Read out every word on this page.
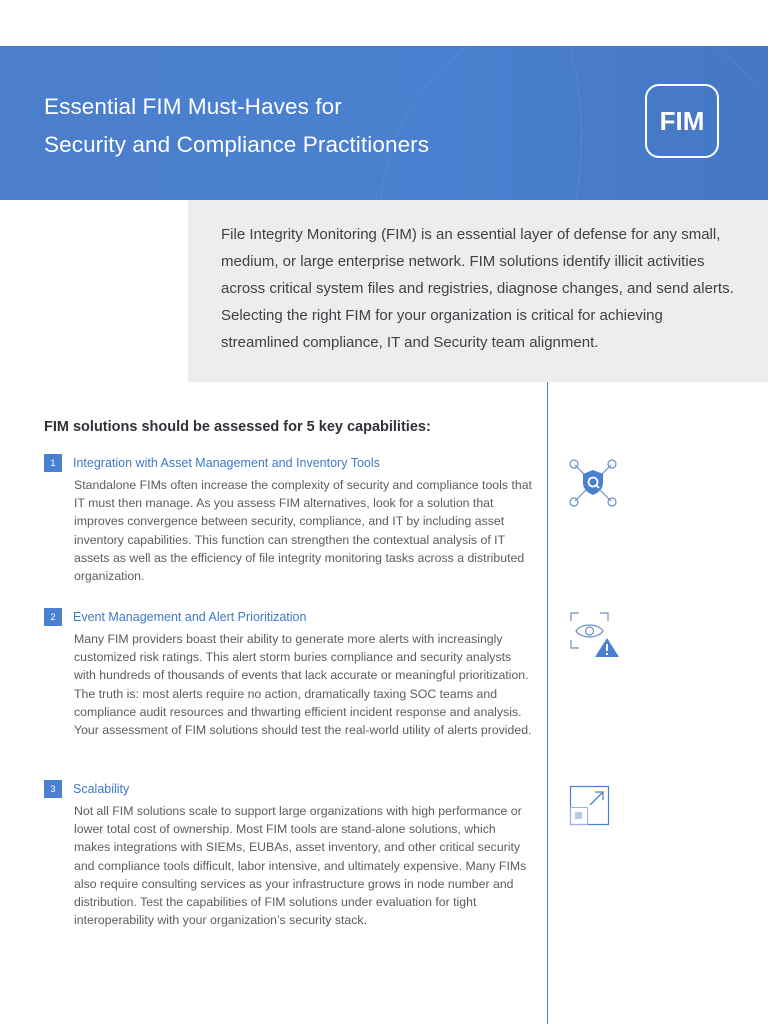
Essential FIM Must-Haves for
Security and Compliance Practitioners
FIM

File Integrity Monitoring (FIM) is an essential layer of defense for any small, medium, or large enterprise network. FIM solutions identify illicit activities across critical system files and registries, diagnose changes, and send alerts. Selecting the right FIM for your organization is critical for achieving streamlined compliance, IT and Security team alignment.

FIM solutions should be assessed for 5 key capabilities:
1	Integration with Asset Management and Inventory Tools

Standalone FIMs often increase the complexity of security and compliance tools that IT must then manage. As you assess FIM alternatives, look for a solution that improves convergence between security, compliance, and IT by including asset inventory capabilities. This function can strengthen the contextual analysis of IT assets as well as the efficiency of file integrity monitoring tasks across a distributed organization.

2	Event Management and Alert Prioritization

Many FIM providers boast their ability to generate more alerts with increasingly customized risk ratings. This alert storm buries compliance and security analysts with hundreds of thousands of events that lack accurate or meaningful prioritization. The truth is: most alerts require no action, dramatically taxing SOC teams and compliance audit resources and thwarting efficient incident response and analysis. Your assessment of FIM solutions should test the real-world utility of alerts provided.

3	Scalability

Not all FIM solutions scale to support large organizations with high performance or lower total cost of ownership. Most FIM tools are stand-alone solutions, which makes integrations with SIEMs, EUBAs, asset inventory, and other critical security and compliance tools difficult, labor intensive, and ultimately expensive. Many FIMs also require consulting services as your infrastructure grows in node number and distribution. Test the capabilities of FIM solutions under evaluation for tight interoperability with your organization’s security stack.
